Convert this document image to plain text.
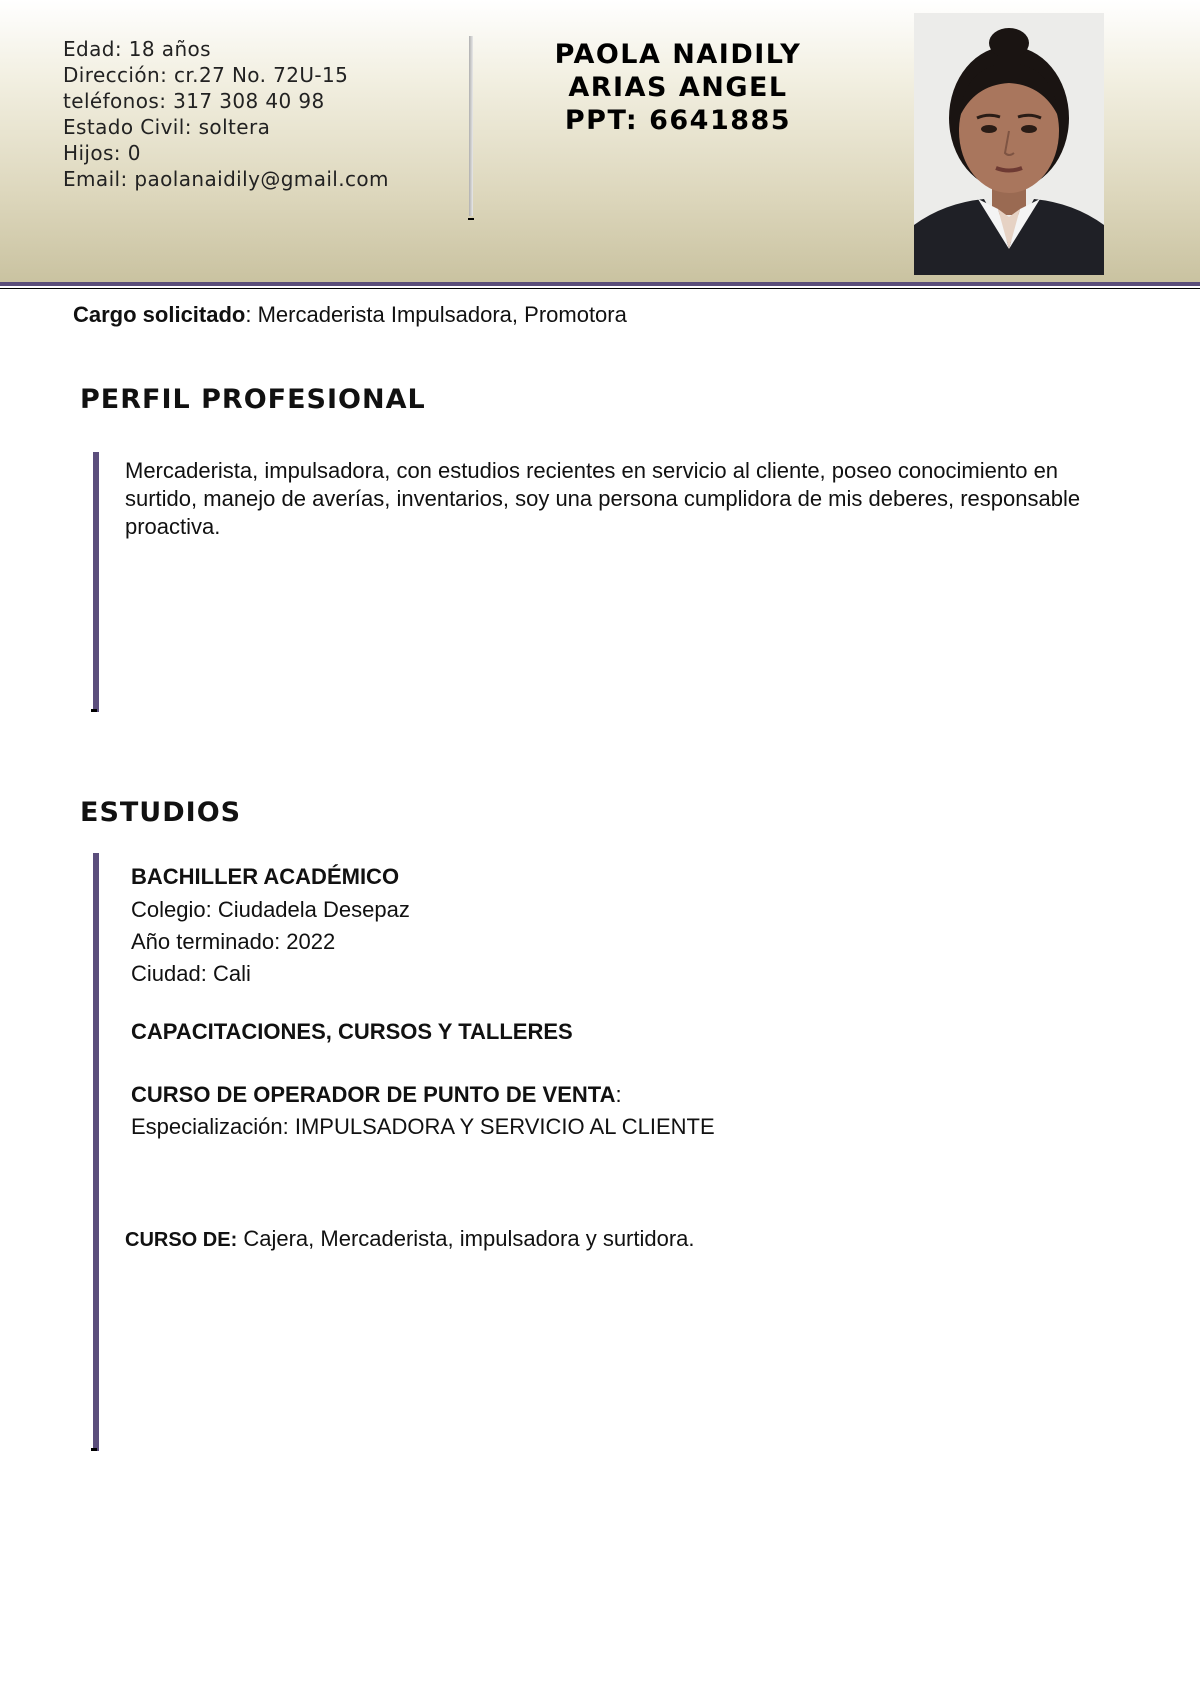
Edad: 18 años
Dirección: cr.27 No. 72U-15
teléfonos: 317 308 40 98
Estado Civil: soltera
Hijos: 0
Email: paolanaidily@gmail.com
PAOLA NAIDILY
ARIAS ANGEL
PPT: 6641885
Cargo solicitado: Mercaderista Impulsadora, Promotora
PERFIL PROFESIONAL
Mercaderista, impulsadora, con estudios recientes en servicio al cliente, poseo conocimiento en surtido, manejo de averías, inventarios, soy una persona cumplidora de mis deberes, responsable proactiva.
ESTUDIOS
BACHILLER ACADÉMICO
Colegio: Ciudadela Desepaz
Año terminado: 2022
Ciudad: Cali
CAPACITACIONES, CURSOS Y TALLERES
CURSO DE OPERADOR DE PUNTO DE VENTA:
Especialización: IMPULSADORA Y SERVICIO AL CLIENTE
CURSO DE: Cajera, Mercaderista, impulsadora y surtidora.
